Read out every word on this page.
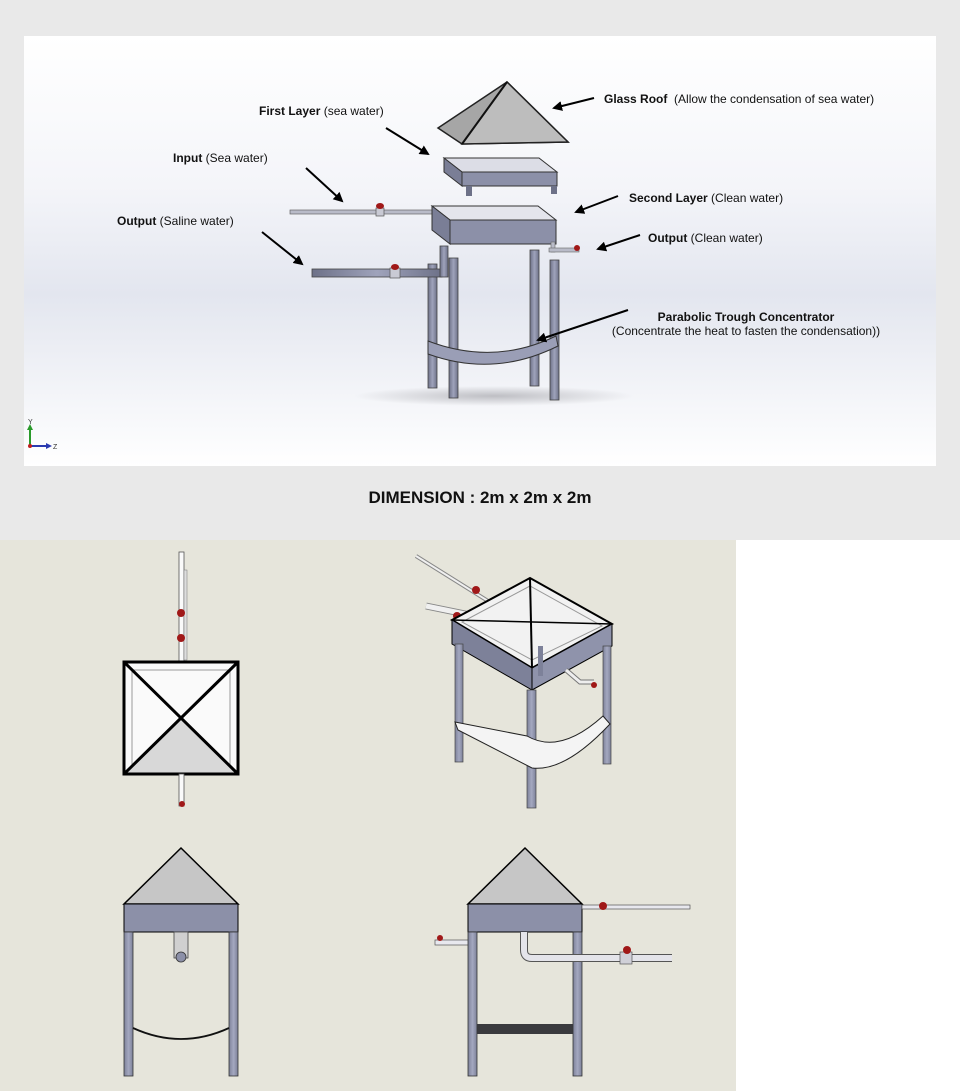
Y
Z
Glass Roof (Allow the condensation of sea water)
First Layer (sea water)
Input (Sea water)
Second Layer (Clean water)
Output (Saline water)
Output (Clean water)
Parabolic Trough Concentrator
(Concentrate the heat to fasten the condensation))
DIMENSION : 2m x 2m x 2m
